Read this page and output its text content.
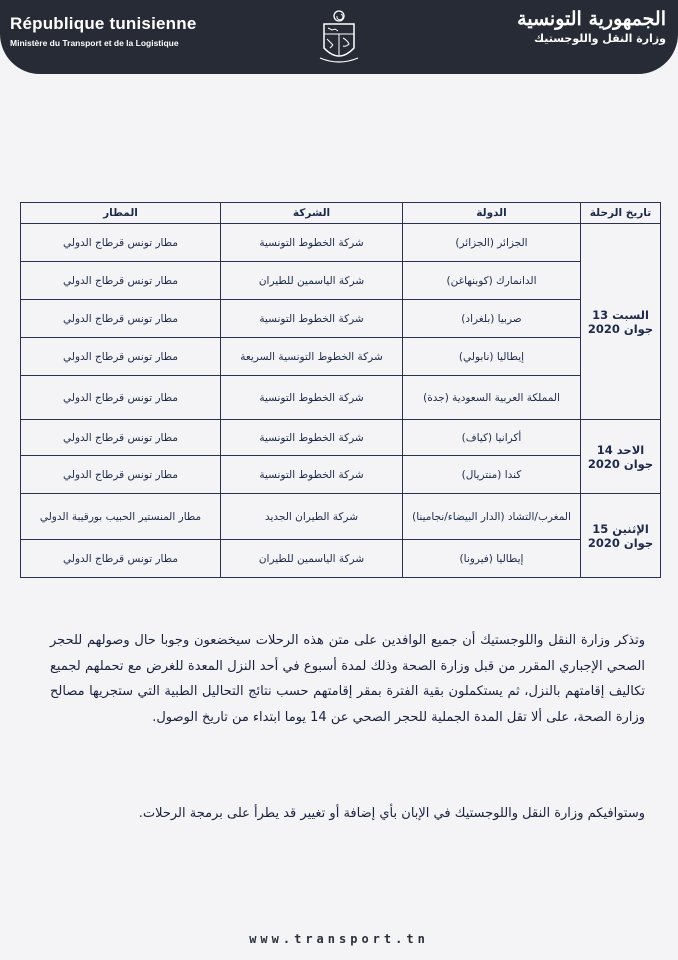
République tunisienne
Ministère du Transport et de la Logistique
الجمهورية التونسية
وزارة النقل واللوجستيك
تاريخ الرحلة	الدولة	الشركة	المطار
السبت 13 جوان 2020	الجزائر (الجزائر)	شركة الخطوط التونسية	مطار تونس قرطاج الدولي
	الدانمارك (كوبنهاغن)	شركة الياسمين للطيران	مطار تونس قرطاج الدولي
	صربيا (بلغراد)	شركة الخطوط التونسية	مطار تونس قرطاج الدولي
	إيطاليا (نابولي)	شركة الخطوط التونسية السريعة	مطار تونس قرطاج الدولي
	المملكة العربية السعودية (جدة)	شركة الخطوط التونسية	مطار تونس قرطاج الدولي
الاحد 14 جوان 2020	أكرانيا (كياف)	شركة الخطوط التونسية	مطار تونس قرطاج الدولي
	كندا (منتريال)	شركة الخطوط التونسية	مطار تونس قرطاج الدولي
الإثنين 15 جوان 2020	المغرب/التشاد (الدار البيضاء/نجامينا)	شركة الطيران الجديد	مطار المنستير الحبيب بورقيبة الدولي
	إيطاليا (فيرونا)	شركة الياسمين للطيران	مطار تونس قرطاج الدولي
وتذكر وزارة النقل واللوجستيك أن جميع الوافدين على متن هذه الرحلات سيخضعون وجوبا حال وصولهم للحجر الصحي الإجباري المقرر من قبل وزارة الصحة وذلك لمدة أسبوع في أحد النزل المعدة للغرض مع تحملهم لجميع تكاليف إقامتهم بالنزل، ثم يستكملون بقية الفترة بمقر إقامتهم حسب نتائج التحاليل الطبية التي ستجريها مصالح وزارة الصحة، على ألا تقل المدة الجملية للحجر الصحي عن 14 يوما ابتداء من تاريخ الوصول.
وستوافيكم وزارة النقل واللوجستيك في الإبان بأي إضافة أو تغيير قد يطرأ على برمجة الرحلات.
www.transport.tn
